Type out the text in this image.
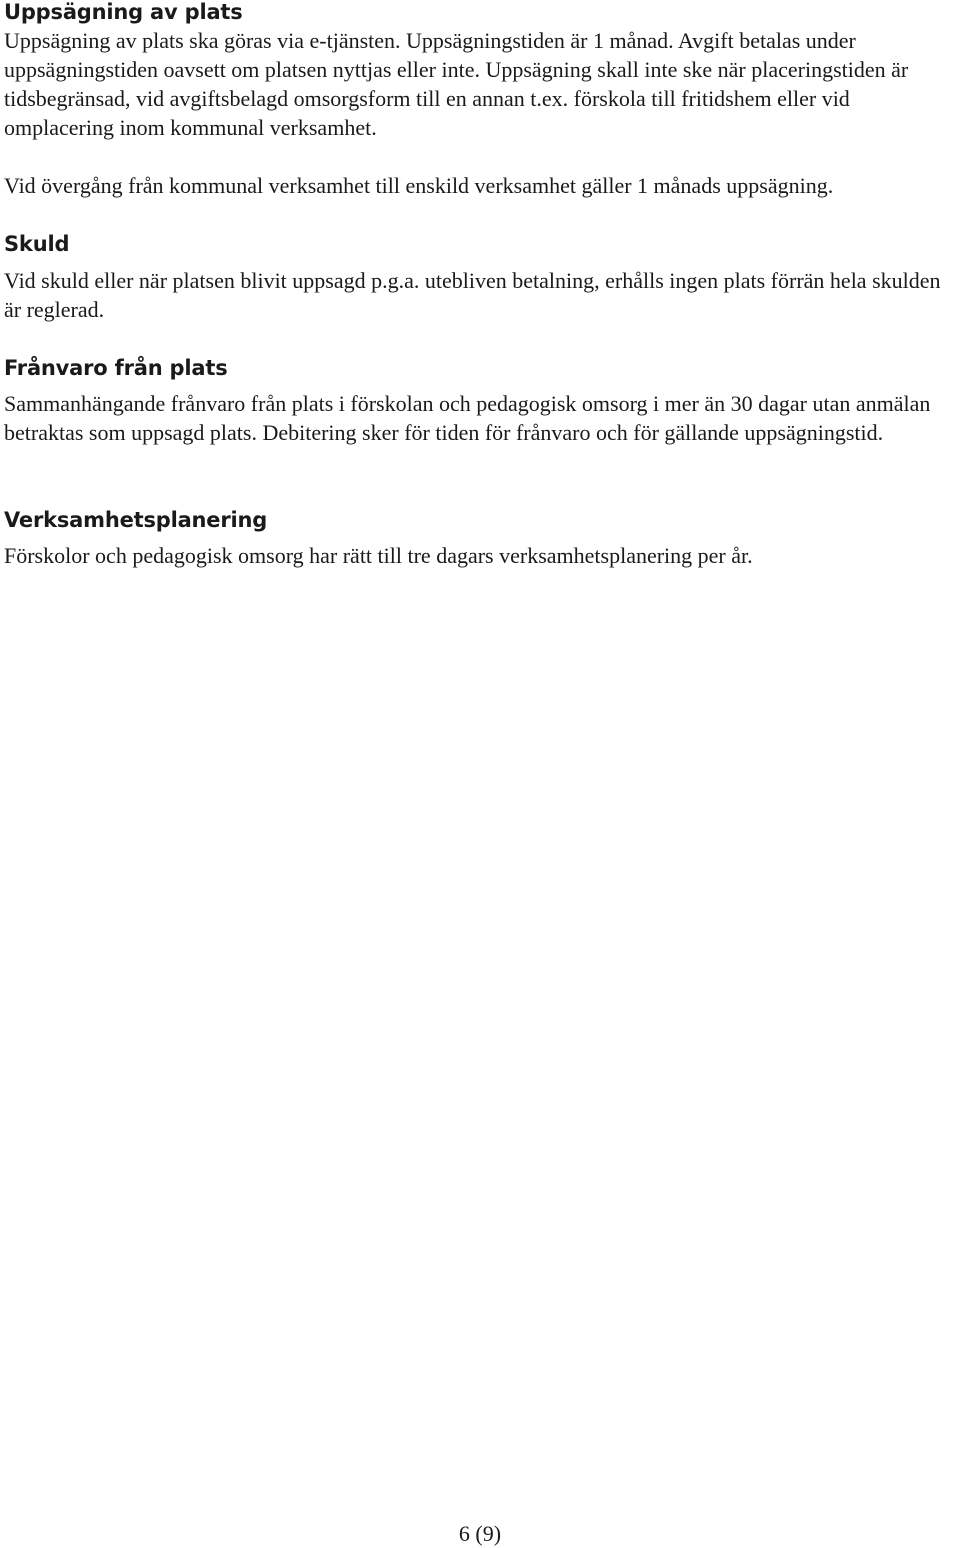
Uppsägning av plats

Uppsägning av plats ska göras via e-tjänsten. Uppsägningstiden är 1 månad. Avgift betalas under uppsägningstiden oavsett om platsen nyttjas eller inte. Uppsägning skall inte ske när placeringstiden är tidsbegränsad, vid avgiftsbelagd omsorgsform till en annan t.ex. förskola till fritidshem eller vid omplacering inom kommunal verksamhet.

Vid övergång från kommunal verksamhet till enskild verksamhet gäller 1 månads uppsägning.

Skuld

Vid skuld eller när platsen blivit uppsagd p.g.a. utebliven betalning, erhålls ingen plats förrän hela skulden är reglerad.

Frånvaro från plats

Sammanhängande frånvaro från plats i förskolan och pedagogisk omsorg i mer än 30 dagar utan anmälan betraktas som uppsagd plats. Debitering sker för tiden för frånvaro och för gällande uppsägningstid.

Verksamhetsplanering

Förskolor och pedagogisk omsorg har rätt till tre dagars verksamhetsplanering per år.

6 (9)
